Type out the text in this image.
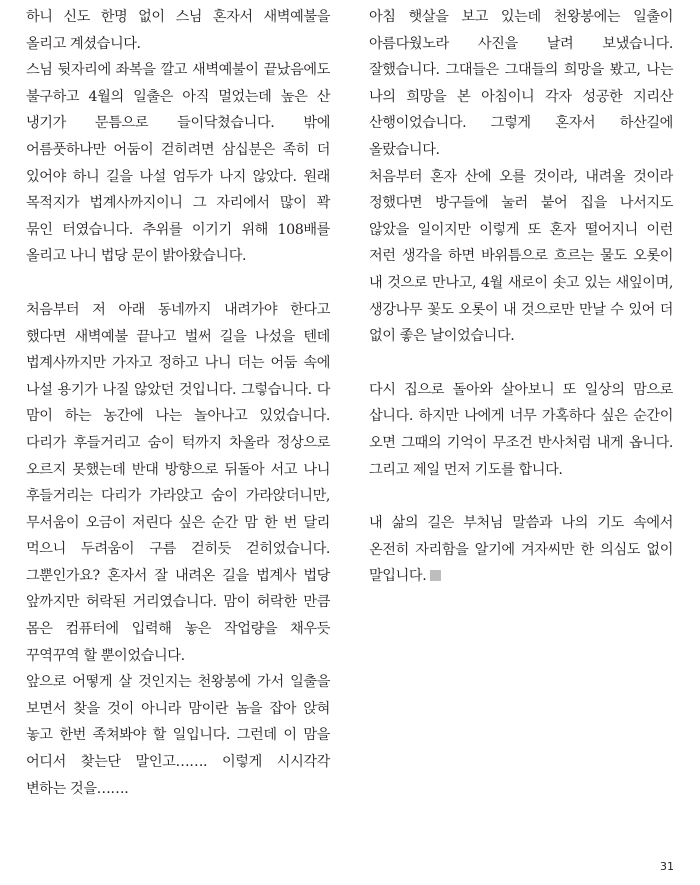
하니 신도 한명 없이 스님 혼자서 새벽예불을 올리고 계셨습니다.

스님 뒷자리에 좌복을 깔고 새벽예불이 끝났음에도 불구하고 4월의 일출은 아직 멀었는데 높은 산 냉기가 문틈으로 들이닥쳤습니다. 밖에 어름풋하나만 어둠이 걷히려면 삼십분은 족히 더 있어야 하니 길을 나설 엄두가 나지 않았다. 원래 목적지가 법계사까지이니 그 자리에서 많이 꽉 묶인 터였습니다. 추위를 이기기 위해 108배를 올리고 나니 법당 문이 밝아왔습니다.

처음부터 저 아래 동네까지 내려가야 한다고 했다면 새벽예불 끝나고 벌써 길을 나섰을 텐데 법계사까지만 가자고 정하고 나니 더는 어둠 속에 나설 용기가 나질 않았던 것입니다. 그렇습니다. 다 맘이 하는 농간에 나는 놀아나고 있었습니다. 다리가 후들거리고 숨이 턱까지 차올라 정상으로 오르지 못했는데 반대 방향으로 뒤돌아 서고 나니 후들거리는 다리가 가라앉고 숨이 가라앉더니만, 무서움이 오금이 저린다 싶은 순간 맘 한 번 달리 먹으니 두려움이 구름 걷히듯 걷히었습니다. 그뿐인가요? 혼자서 잘 내려온 길을 법계사 법당 앞까지만 허락된 거리였습니다. 맘이 허락한 만큼 몸은 컴퓨터에 입력해 놓은 작업량을 채우듯 꾸역꾸역 할 뿐이었습니다.

앞으로 어떻게 살 것인지는 천왕봉에 가서 일출을 보면서 찾을 것이 아니라 맘이란 놈을 잡아 앉혀 놓고 한번 족쳐봐야 할 일입니다. 그런데 이 맘을 어디서 찾는단 말인고……. 이렇게 시시각각 변하는 것을…….

아침 햇살을 보고 있는데 천왕봉에는 일출이 아름다웠노라 사진을 날려 보냈습니다. 잘했습니다. 그대들은 그대들의 희망을 봤고, 나는 나의 희망을 본 아침이니 각자 성공한 지리산 산행이었습니다. 그렇게 혼자서 하산길에 올랐습니다.

처음부터 혼자 산에 오를 것이라, 내려올 것이라 정했다면 방구들에 눌러 붙어 집을 나서지도 않았을 일이지만 이렇게 또 혼자 떨어지니 이런 저런 생각을 하면 바위틈으로 흐르는 물도 오롯이 내 것으로 만나고, 4월 새로이 솟고 있는 새잎이며, 생강나무 꽃도 오롯이 내 것으로만 만날 수 있어 더 없이 좋은 날이었습니다.

다시 집으로 돌아와 살아보니 또 일상의 맘으로 삽니다. 하지만 나에게 너무 가혹하다 싶은 순간이 오면 그때의 기억이 무조건 반사처럼 내게 옵니다. 그리고 제일 먼저 기도를 합니다.

내 삶의 길은 부처님 말씀과 나의 기도 속에서 온전히 자리함을 알기에 겨자씨만 한 의심도 없이 말입니다.

31
